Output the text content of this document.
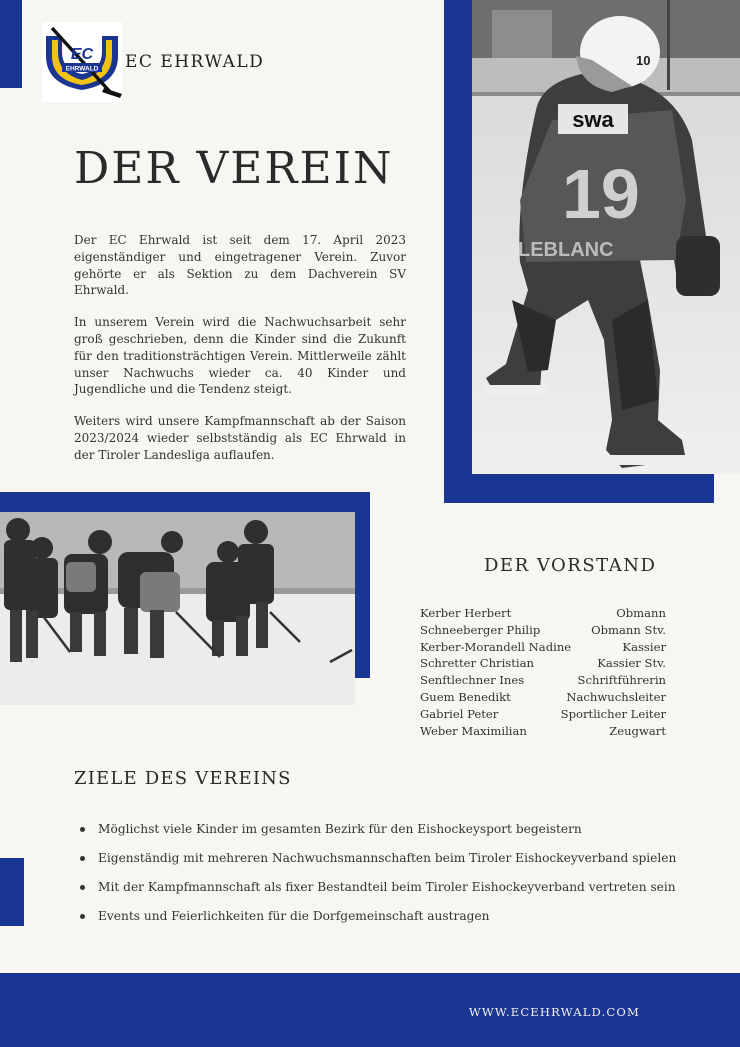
EC
EHRWALD EC EHRWALD
DER VEREIN

Der EC Ehrwald ist seit dem 17. April 2023 eigenständiger und eingetragener Verein. Zuvor gehörte er als Sektion zu dem Dachverein SV Ehrwald.

In unserem Verein wird die Nachwuchsarbeit sehr groß geschrieben, denn die Kinder sind die Zukunft für den traditionsträchtigen Verein. Mittlerweile zählt unser Nachwuchs wieder ca. 40 Kinder und Jugendliche und die Tendenz steigt.

Weiters wird unsere Kampfmannschaft ab der Saison 2023/2024 wieder selbstständig als EC Ehrwald in der Tiroler Landesliga auflaufen.

swa
19
LEBLANC
10
DER VORSTAND
Kerber Herbert	Obmann
Schneeberger Philip	Obmann Stv.
Kerber-Morandell Nadine	Kassier
Schretter Christian	Kassier Stv.
Senftlechner Ines	Schriftführerin
Guem Benedikt	Nachwuchsleiter
Gabriel Peter	Sportlicher Leiter
Weber Maximilian	Zeugwart
ZIELE DES VEREINS
Möglichst viele Kinder im gesamten Bezirk für den Eishockeysport begeistern
Eigenständig mit mehreren Nachwuchsmannschaften beim Tiroler Eishockeyverband spielen
Mit der Kampfmannschaft als fixer Bestandteil beim Tiroler Eishockeyverband vertreten sein
Events und Feierlichkeiten für die Dorfgemeinschaft austragen
WWW.ECEHRWALD.COM
